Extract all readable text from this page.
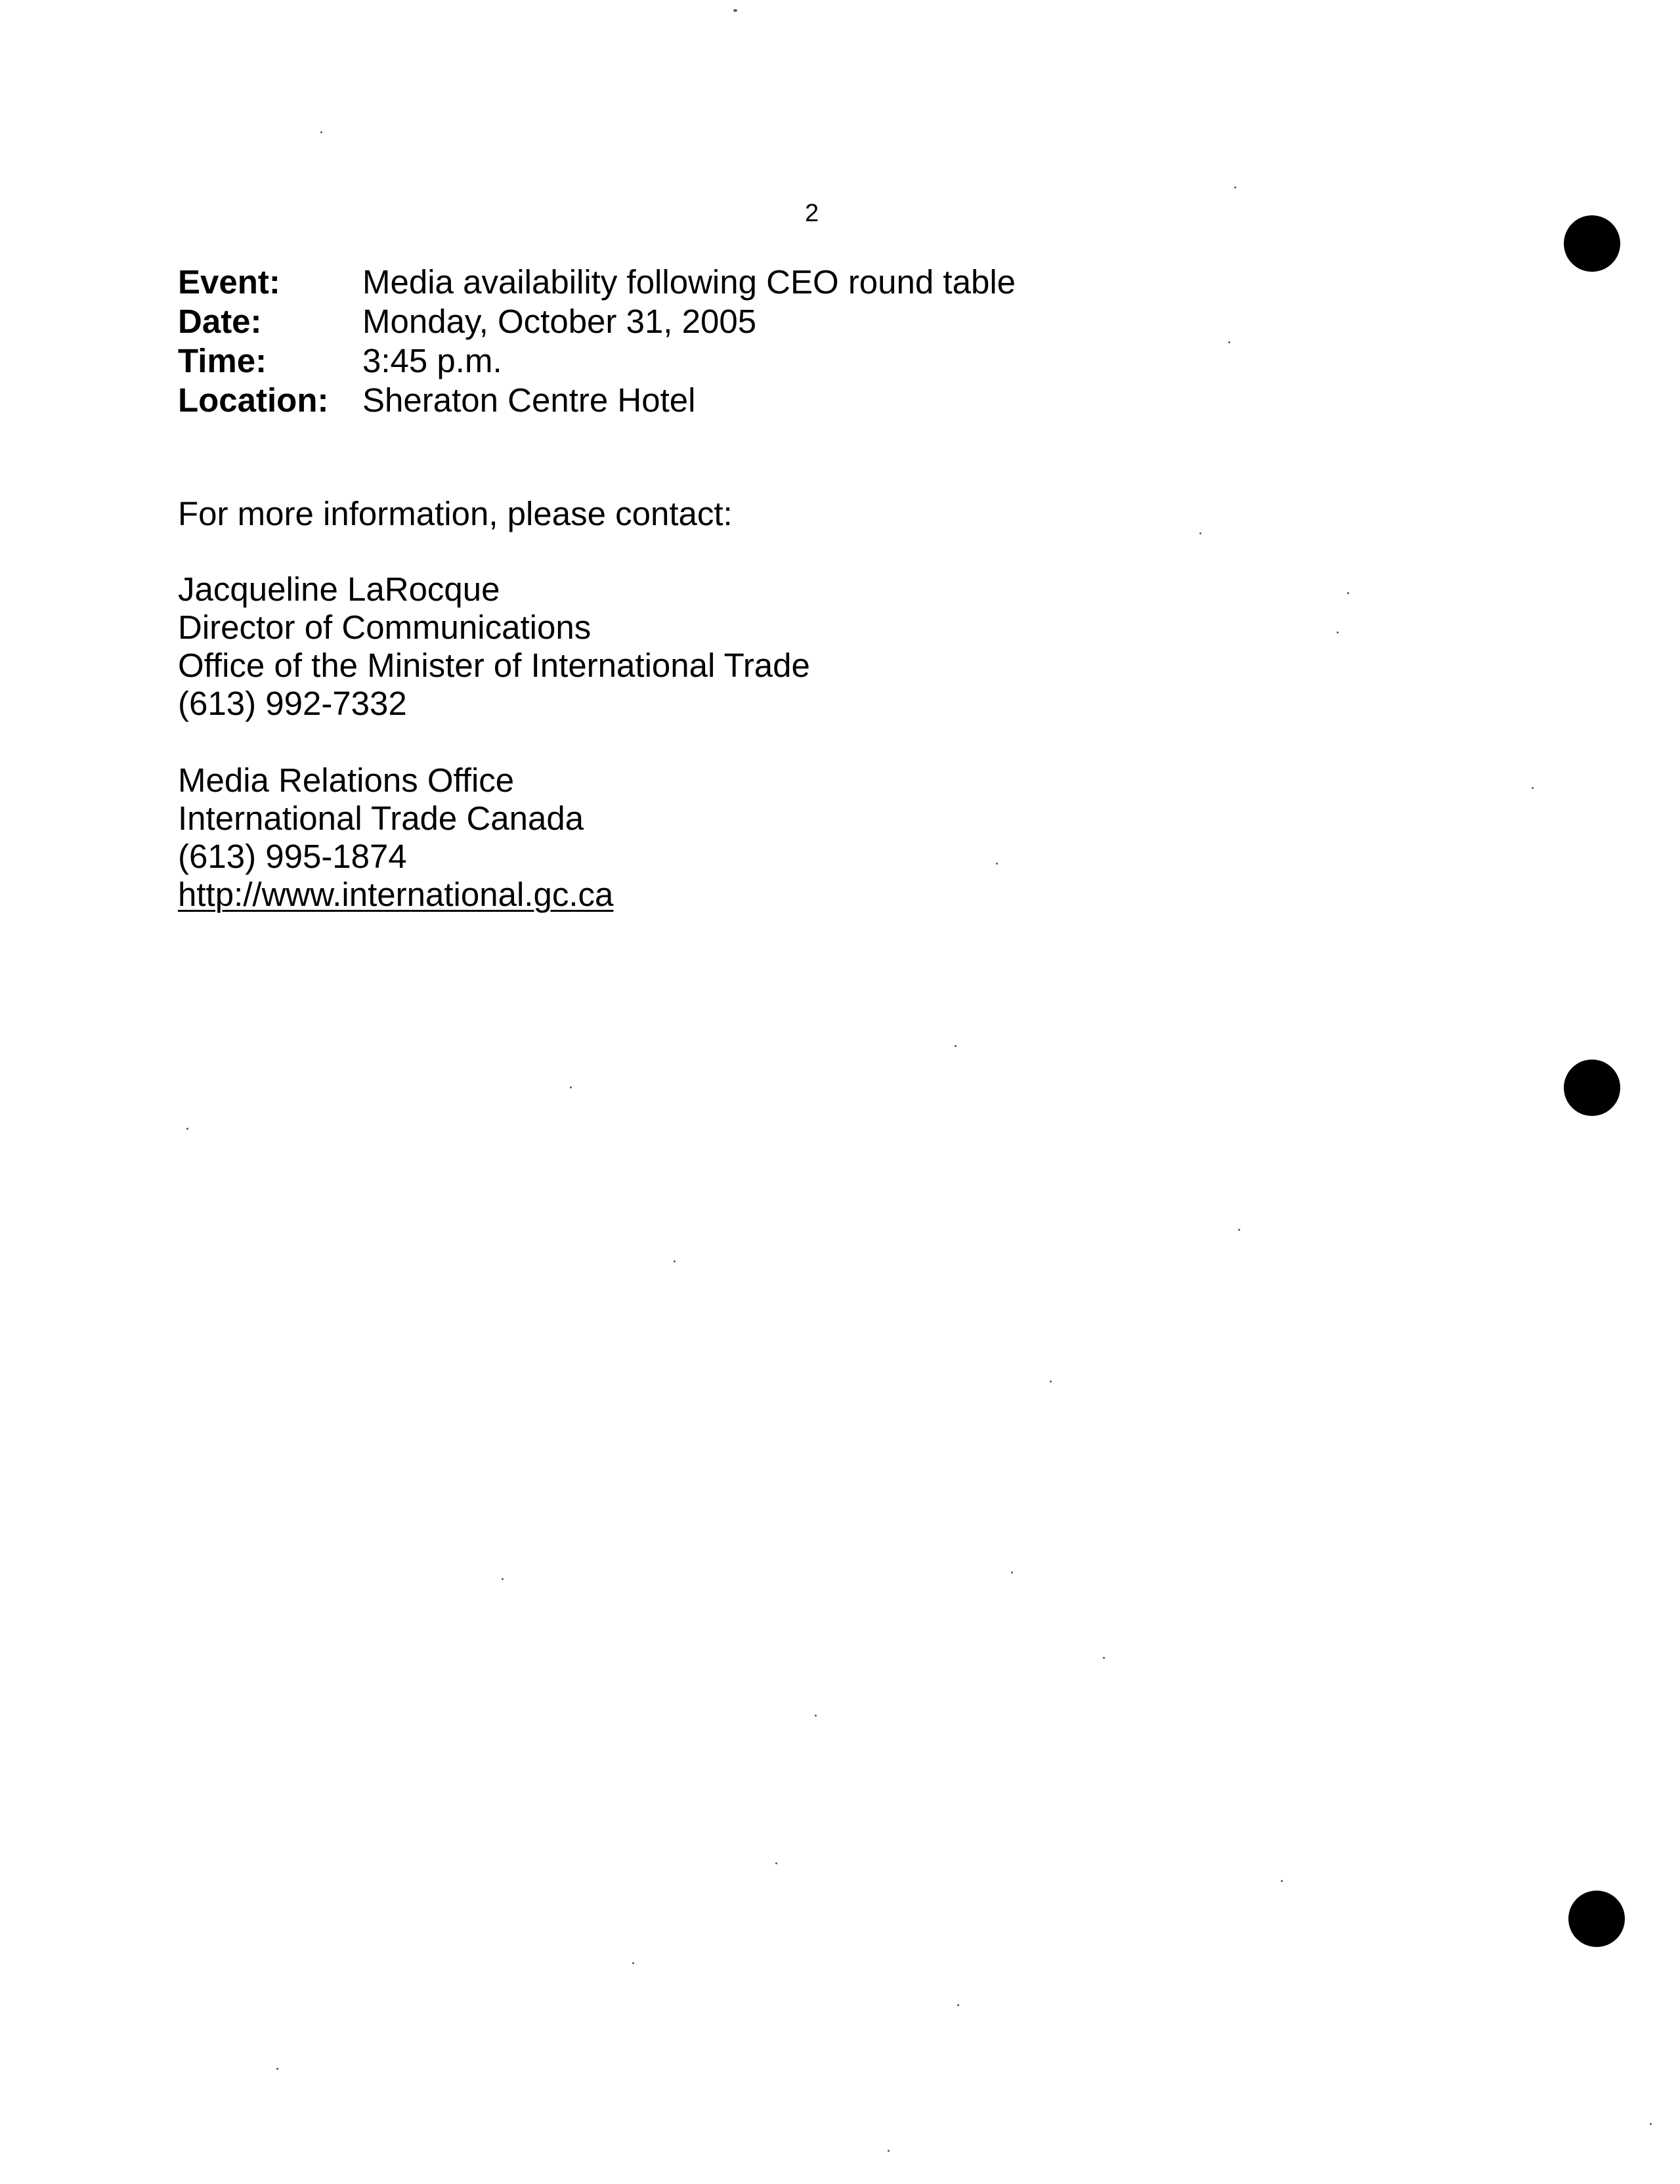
2
Event:	Media availability following CEO round table
Date:	Monday, October 31, 2005
Time:	3:45 p.m.
Location:	Sheraton Centre Hotel
For more information, please contact:
Jacqueline LaRocque
Director of Communications
Office of the Minister of International Trade
(613) 992-7332
Media Relations Office
International Trade Canada
(613) 995-1874
http://www.international.gc.ca
